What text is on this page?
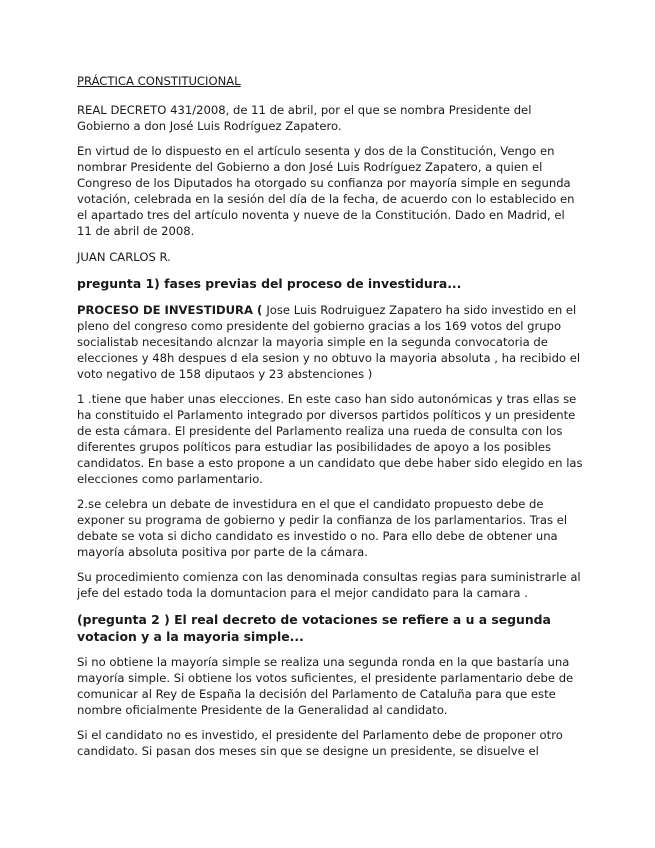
PRÁCTICA CONSTITUCIONAL

REAL DECRETO 431/2008, de 11 de abril, por el que se nombra Presidente del Gobierno a don José Luis Rodríguez Zapatero.

En virtud de lo dispuesto en el artículo sesenta y dos de la Constitución, Vengo en nombrar Presidente del Gobierno a don José Luis Rodríguez Zapatero, a quien el Congreso de los Diputados ha otorgado su confianza por mayoría simple en segunda votación, celebrada en la sesión del día de la fecha, de acuerdo con lo establecido en el apartado tres del artículo noventa y nueve de la Constitución. Dado en Madrid, el 11 de abril de 2008.

JUAN CARLOS R.

pregunta 1) fases previas del proceso de investidura...

PROCESO DE INVESTIDURA ( Jose Luis Rodruiguez Zapatero ha sido investido en el pleno del congreso como presidente del gobierno gracias a los 169 votos del grupo socialistab necesitando alcnzar la mayoria simple en la segunda convocatoria de elecciones y 48h despues d ela sesion y no obtuvo la mayoria absoluta , ha recibido el voto negativo de 158 diputaos y 23 abstenciones )

1 .tiene que haber unas elecciones. En este caso han sido autonómicas y tras ellas se ha constituido el Parlamento integrado por diversos partidos políticos y un presidente de esta cámara. El presidente del Parlamento realiza una rueda de consulta con los diferentes grupos políticos para estudiar las posibilidades de apoyo a los posibles candidatos. En base a esto propone a un candidato que debe haber sido elegido en las elecciones como parlamentario.

2.se celebra un debate de investidura en el que el candidato propuesto debe de exponer su programa de gobierno y pedir la confianza de los parlamentarios. Tras el debate se vota si dicho candidato es investido o no. Para ello debe de obtener una mayoría absoluta positiva por parte de la cámara.

Su procedimiento comienza con las denominada consultas regias para suministrarle al jefe del estado toda la domuntacion para el mejor candidato para la camara .

(pregunta 2 ) El real decreto de votaciones se refiere a u a segunda votacion y a la mayoria simple...

Si no obtiene la mayoría simple se realiza una segunda ronda en la que bastaría una mayoría simple. Si obtiene los votos suficientes, el presidente parlamentario debe de comunicar al Rey de España la decisión del Parlamento de Cataluña para que este nombre oficialmente Presidente de la Generalidad al candidato.

Si el candidato no es investido, el presidente del Parlamento debe de proponer otro candidato. Si pasan dos meses sin que se designe un presidente, se disuelve el
